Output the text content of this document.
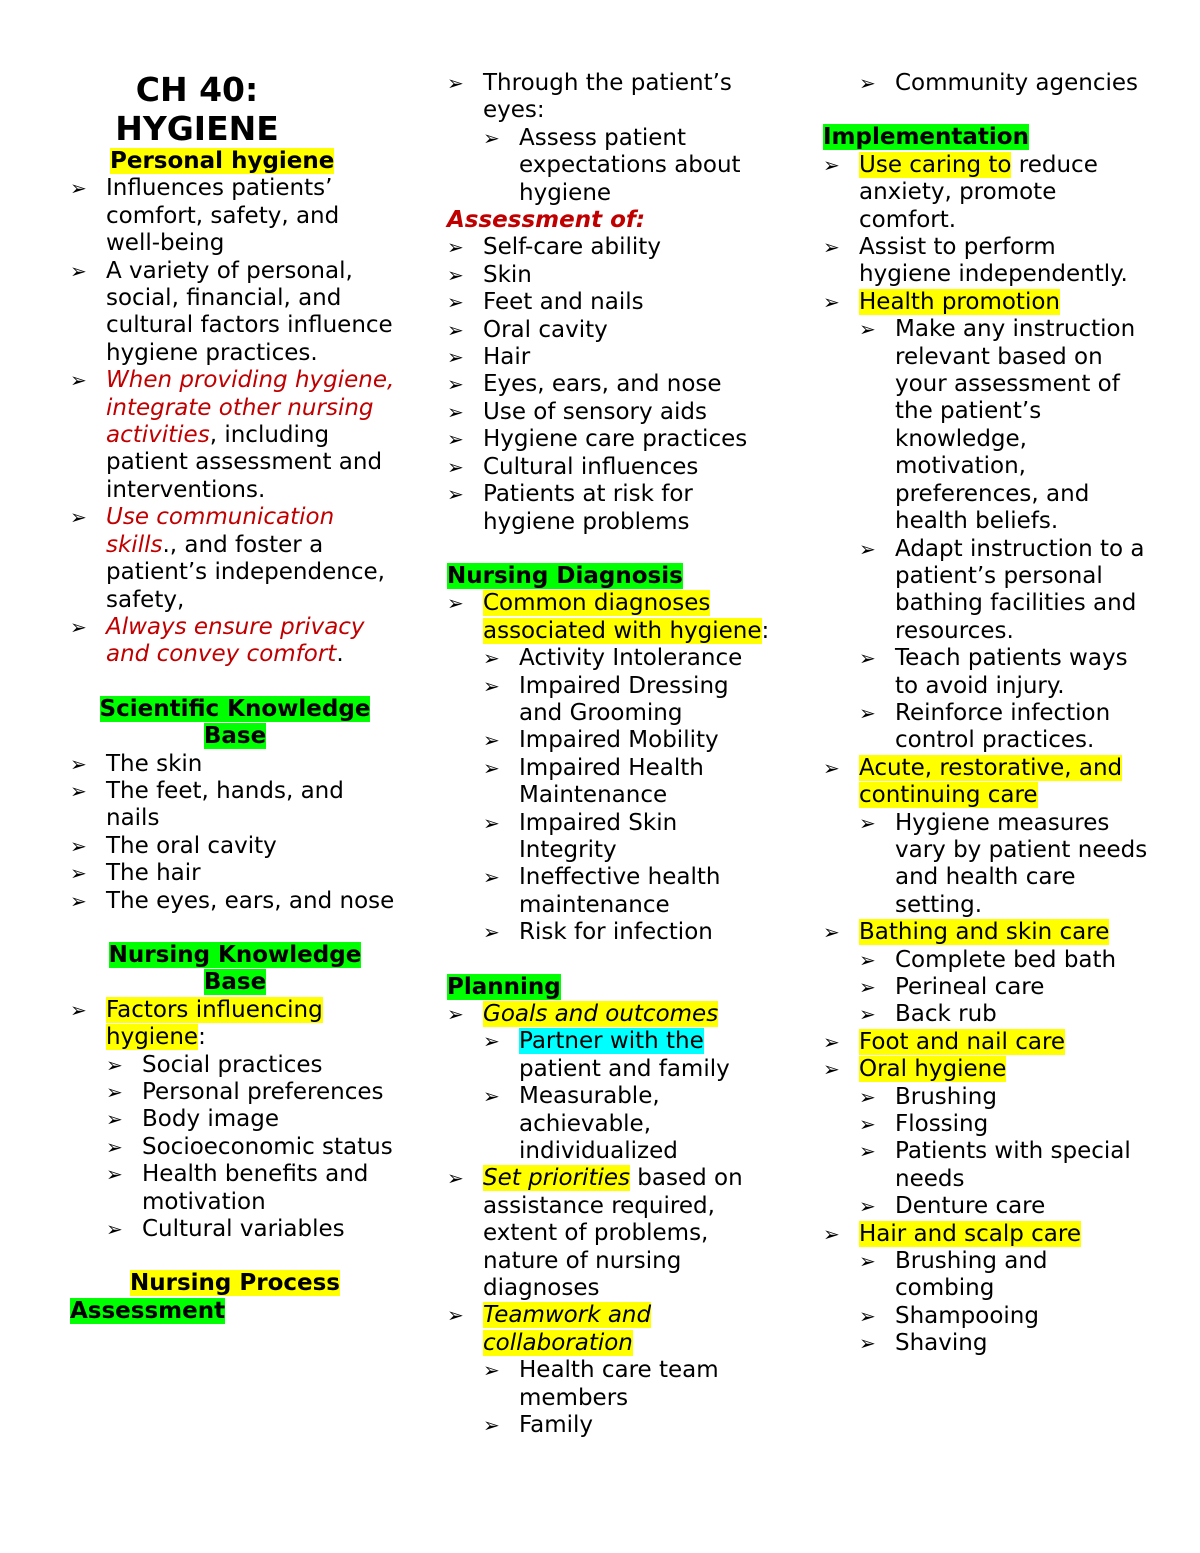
CH 40:
HYGIENE
Personal hygiene
➢ Influences patients’ comfort, safety, and well-being
➢ A variety of personal, social, financial, and cultural factors influence hygiene practices.
➢ When providing hygiene, integrate other nursing activities, including patient assessment and interventions.
➢ Use communication skills., and foster a patient’s independence, safety,
➢ Always ensure privacy and convey comfort.
Scientific Knowledge
Base
➢ The skin
➢ The feet, hands, and nails
➢ The oral cavity
➢ The hair
➢ The eyes, ears, and nose
Nursing Knowledge
Base
➢ Factors influencing hygiene:
➢ Social practices
➢ Personal preferences
➢ Body image
➢ Socioeconomic status
➢ Health benefits and motivation
➢ Cultural variables
Nursing Process
Assessment
➢ Through the patient’s eyes:
➢ Assess patient expectations about hygiene
Assessment of:
➢ Self-care ability
➢ Skin
➢ Feet and nails
➢ Oral cavity
➢ Hair
➢ Eyes, ears, and nose
➢ Use of sensory aids
➢ Hygiene care practices
➢ Cultural influences
➢ Patients at risk for hygiene problems
Nursing Diagnosis
➢ Common diagnoses associated with hygiene:
➢ Activity Intolerance
➢ Impaired Dressing and Grooming
➢ Impaired Mobility
➢ Impaired Health Maintenance
➢ Impaired Skin Integrity
➢ Ineffective health maintenance
➢ Risk for infection
Planning
➢ Goals and outcomes
➢ Partner with the patient and family
➢ Measurable, achievable, individualized
➢ Set priorities based on assistance required, extent of problems, nature of nursing diagnoses
➢ Teamwork and collaboration
➢ Health care team members
➢ Family
➢ Community agencies
Implementation
➢ Use caring to reduce anxiety, promote comfort.
➢ Assist to perform hygiene independently.
➢ Health promotion
➢ Make any instruction relevant based on your assessment of the patient’s knowledge, motivation, preferences, and health beliefs.
➢ Adapt instruction to a patient’s personal bathing facilities and resources.
➢ Teach patients ways to avoid injury.
➢ Reinforce infection control practices.
➢ Acute, restorative, and continuing care
➢ Hygiene measures vary by patient needs and health care setting.
➢ Bathing and skin care
➢ Complete bed bath
➢ Perineal care
➢ Back rub
➢ Foot and nail care
➢ Oral hygiene
➢ Brushing
➢ Flossing
➢ Patients with special needs
➢ Denture care
➢ Hair and scalp care
➢ Brushing and combing
➢ Shampooing
➢ Shaving
